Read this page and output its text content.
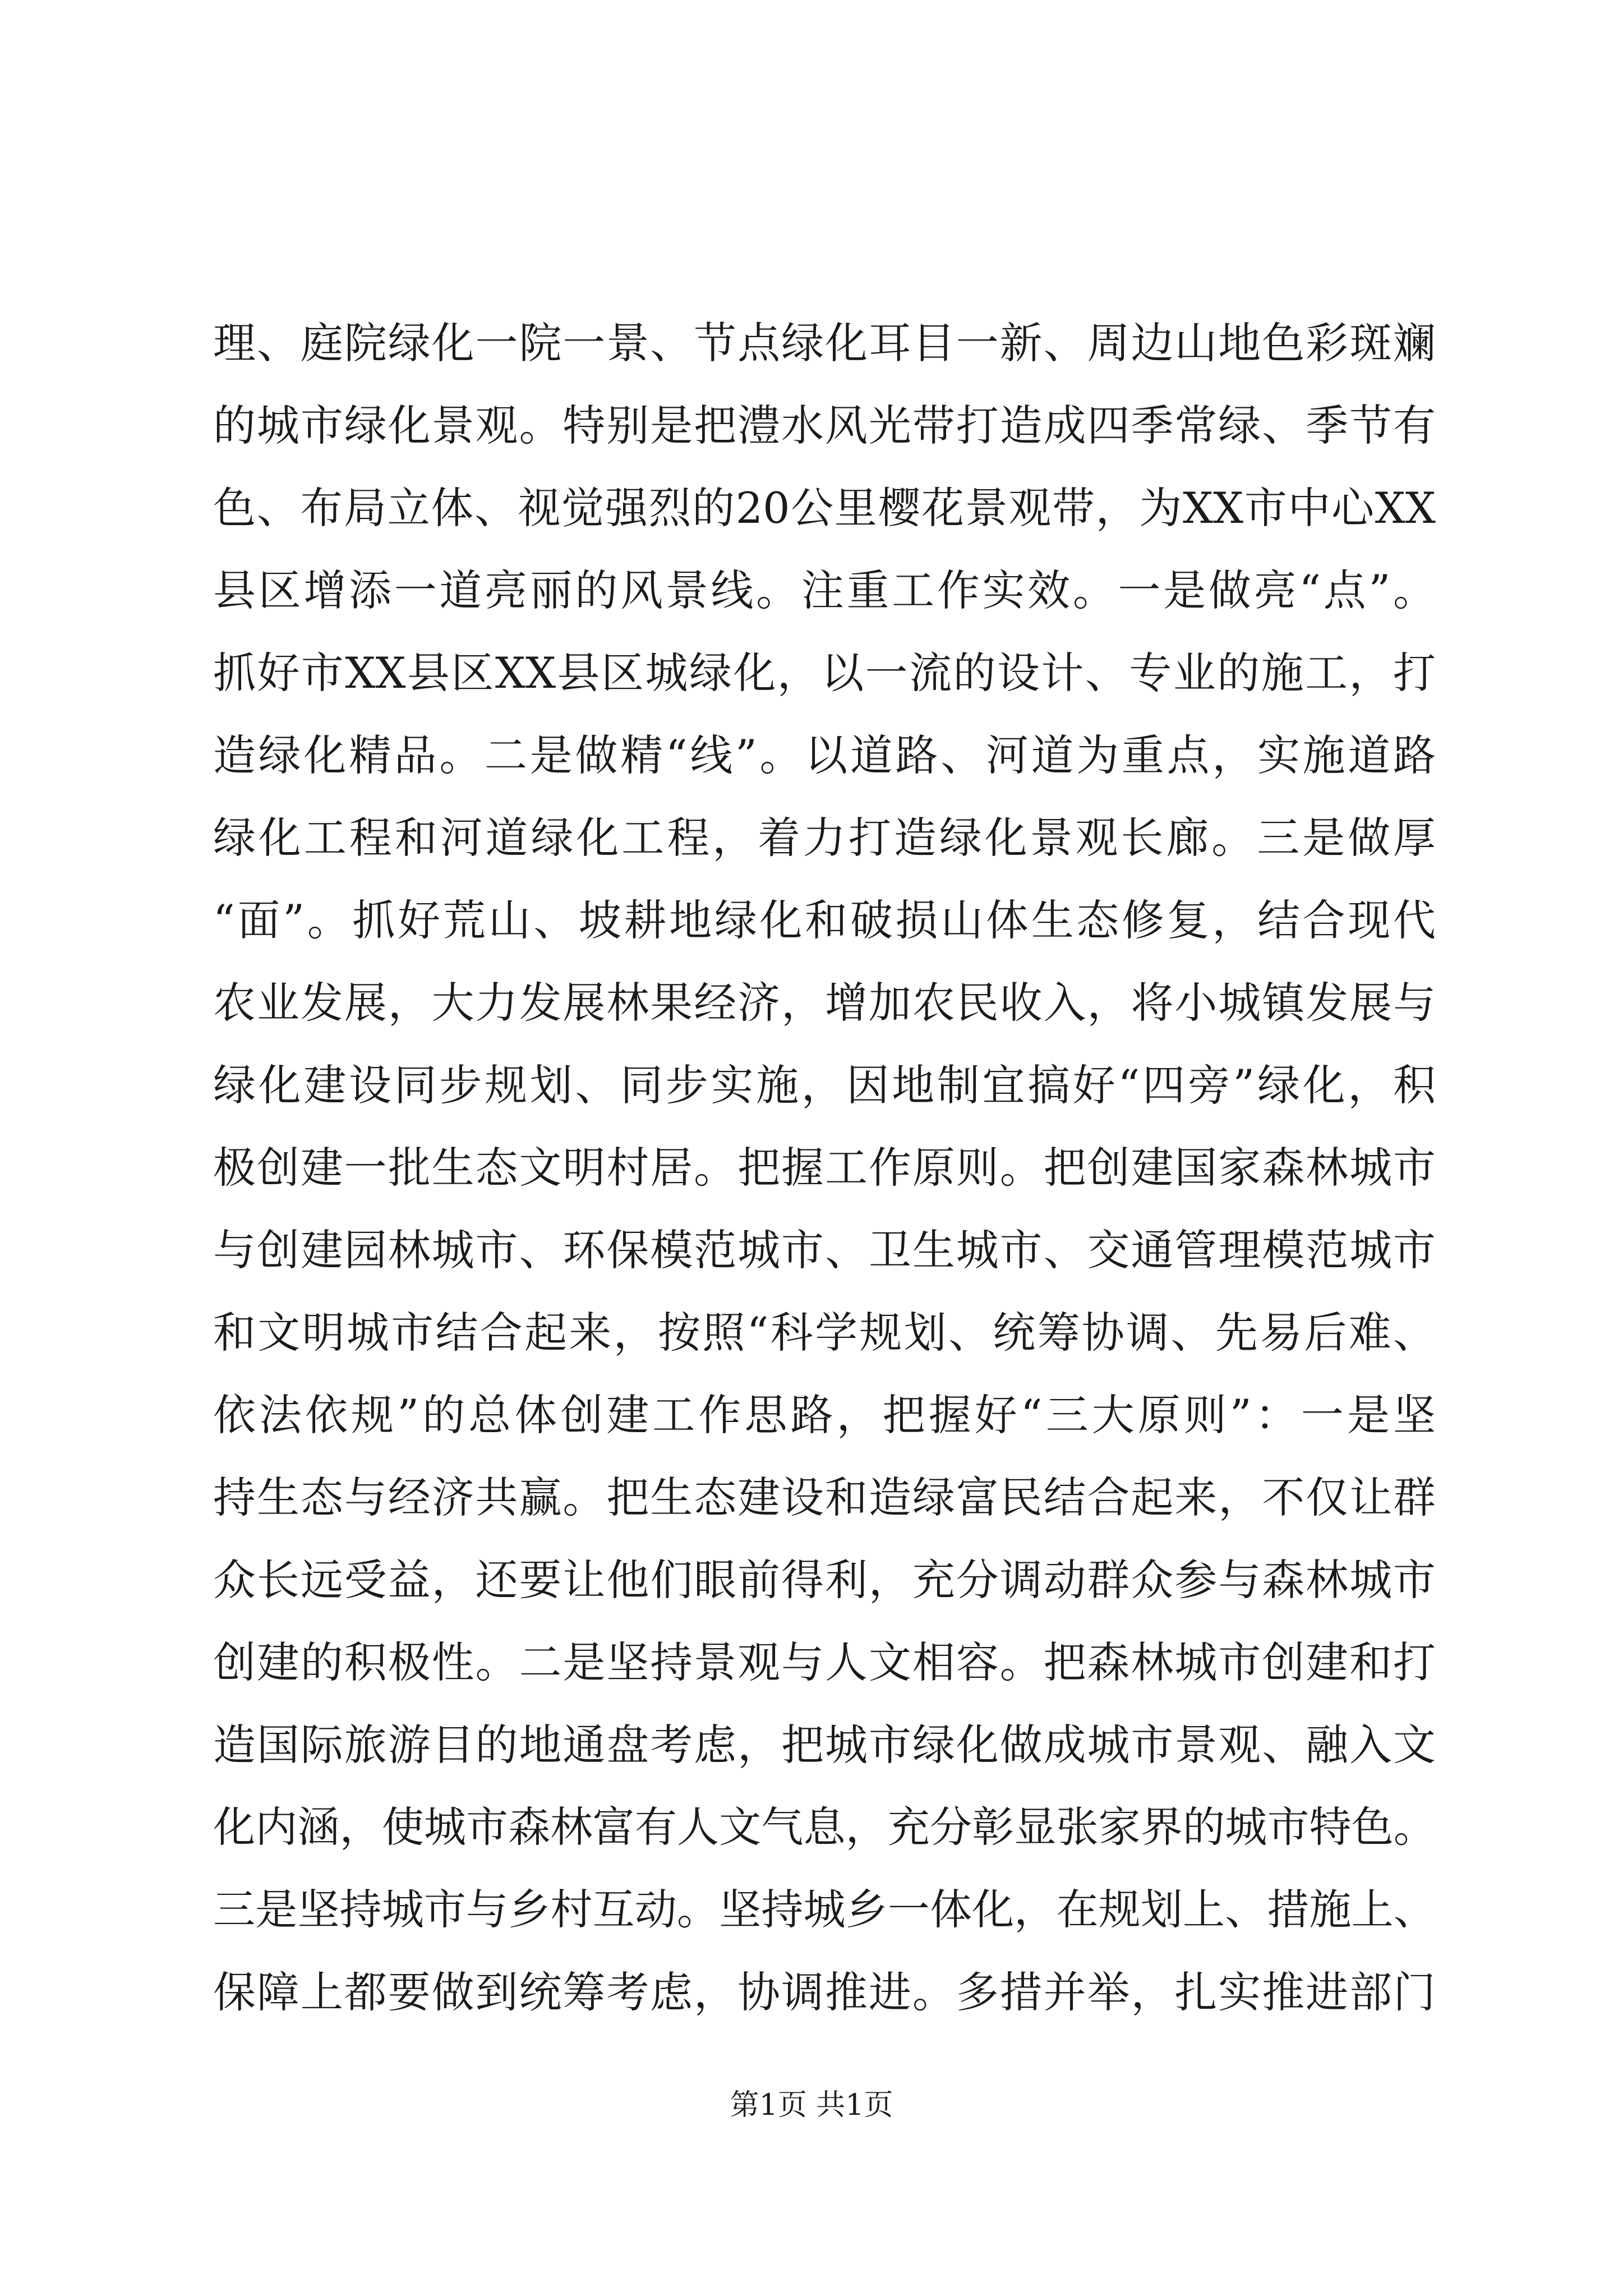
理、庭院绿化一院一景、节点绿化耳目一新、周边山地色彩斑斓
的城市绿化景观。特别是把澧水风光带打造成四季常绿、季节有
色、布局立体、视觉强烈的20公里樱花景观带，为XX市中心XX
县区增添一道亮丽的风景线。注重工作实效。一是做亮“点”。
抓好市XX县区XX县区城绿化，以一流的设计、专业的施工，打
造绿化精品。二是做精“线”。以道路、河道为重点，实施道路
绿化工程和河道绿化工程，着力打造绿化景观长廊。三是做厚
“面”。抓好荒山、坡耕地绿化和破损山体生态修复，结合现代
农业发展，大力发展林果经济，增加农民收入，将小城镇发展与
绿化建设同步规划、同步实施，因地制宜搞好“四旁”绿化，积
极创建一批生态文明村居。把握工作原则。把创建国家森林城市
与创建园林城市、环保模范城市、卫生城市、交通管理模范城市
和文明城市结合起来，按照“科学规划、统筹协调、先易后难、
依法依规”的总体创建工作思路，把握好“三大原则”：一是坚
持生态与经济共赢。把生态建设和造绿富民结合起来，不仅让群
众长远受益，还要让他们眼前得利，充分调动群众参与森林城市
创建的积极性。二是坚持景观与人文相容。把森林城市创建和打
造国际旅游目的地通盘考虑，把城市绿化做成城市景观、融入文
化内涵，使城市森林富有人文气息，充分彰显张家界的城市特色。
三是坚持城市与乡村互动。坚持城乡一体化，在规划上、措施上、
保障上都要做到统筹考虑，协调推进。多措并举，扎实推进部门
第1页 共1页
